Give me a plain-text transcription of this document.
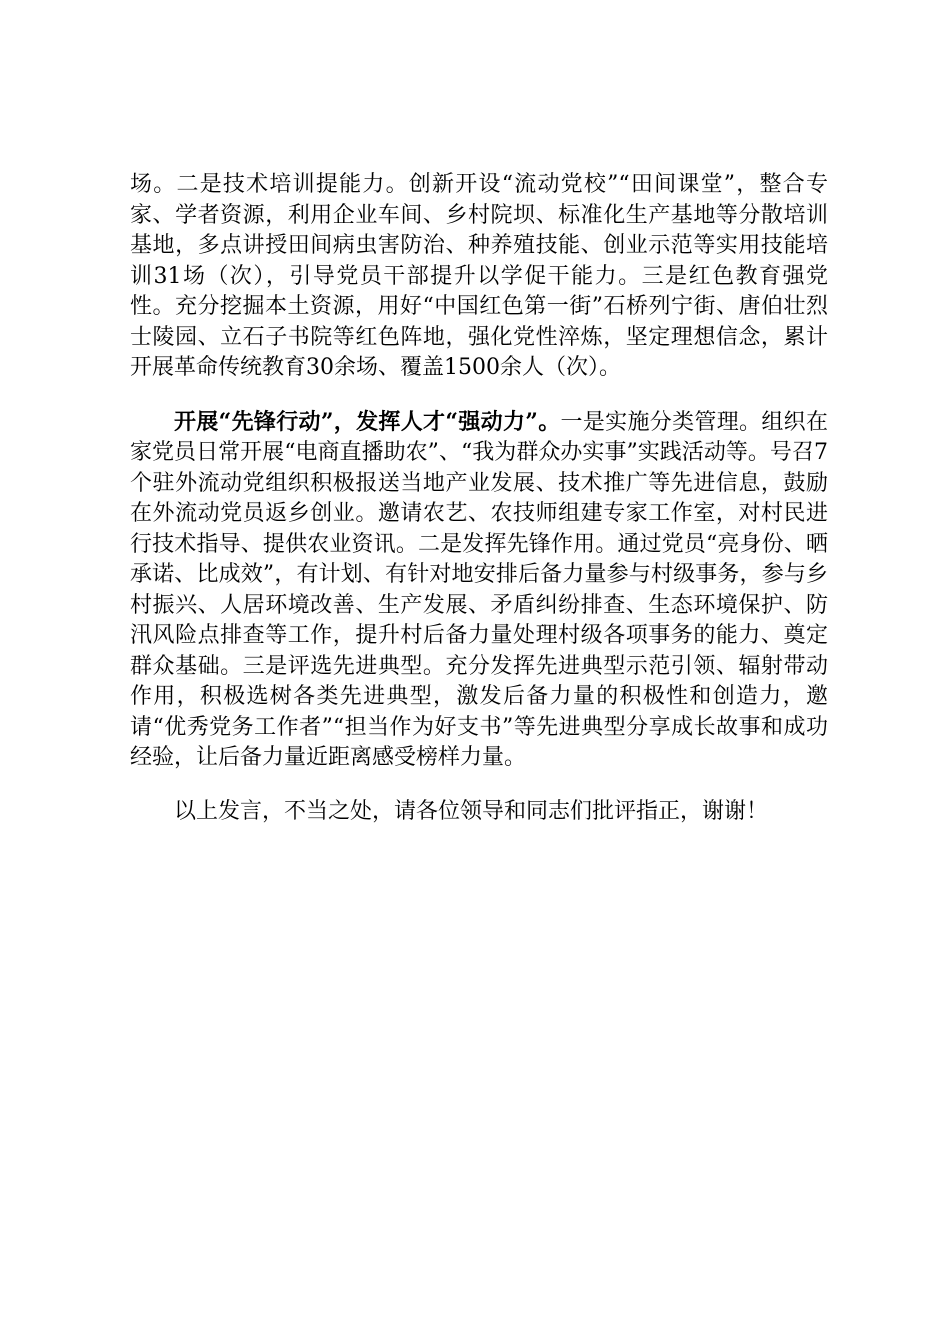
场。二是技术培训提能力。创新开设“流动党校”“田间课堂”，整合专家、学者资源，利用企业车间、乡村院坝、标准化生产基地等分散培训基地，多点讲授田间病虫害防治、种养殖技能、创业示范等实用技能培训31场（次），引导党员干部提升以学促干能力。三是红色教育强党性。充分挖掘本土资源，用好“中国红色第一街”石桥列宁街、唐伯壮烈士陵园、立石子书院等红色阵地，强化党性淬炼，坚定理想信念，累计开展革命传统教育30余场、覆盖1500余人（次）。

开展“先锋行动”，发挥人才“强动力”。一是实施分类管理。组织在家党员日常开展“电商直播助农”、“我为群众办实事”实践活动等。号召7个驻外流动党组织积极报送当地产业发展、技术推广等先进信息，鼓励在外流动党员返乡创业。邀请农艺、农技师组建专家工作室，对村民进行技术指导、提供农业资讯。二是发挥先锋作用。通过党员“亮身份、晒承诺、比成效”，有计划、有针对地安排后备力量参与村级事务，参与乡村振兴、人居环境改善、生产发展、矛盾纠纷排查、生态环境保护、防汛风险点排查等工作，提升村后备力量处理村级各项事务的能力、奠定群众基础。三是评选先进典型。充分发挥先进典型示范引领、辐射带动作用，积极选树各类先进典型，激发后备力量的积极性和创造力，邀请“优秀党务工作者”“担当作为好支书”等先进典型分享成长故事和成功经验，让后备力量近距离感受榜样力量。

以上发言，不当之处，请各位领导和同志们批评指正，谢谢！
